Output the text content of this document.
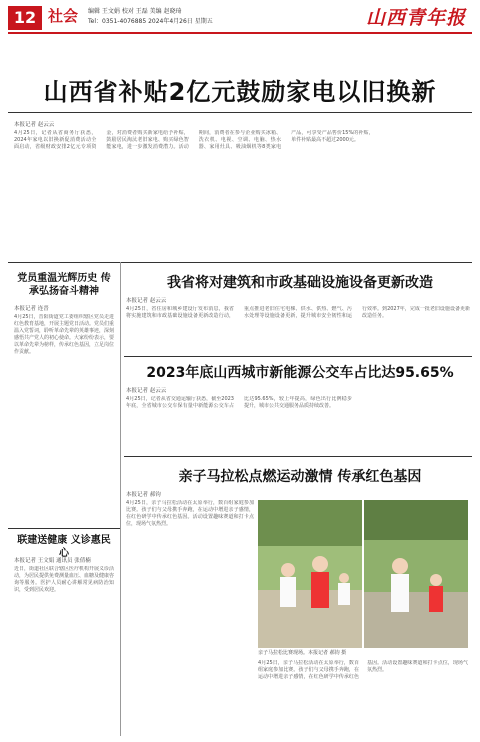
12 社会 编辑 王文娟 校对 王磊 美编 赵晓琦
Tel：0351-4076885 2024年4月26日 星期五	山西青年报
山西省补贴2亿元鼓励家电以旧换新
本报记者 赵云云
4月25日，记者从省商务厅获悉，2024年家电以旧换新促消费活动全面启动，省级财政安排2亿元专项资金，对消费者购买新家电给予补贴，鼓励居民淘汰老旧家电、购买绿色智能家电，进一步激发消费潜力。活动期间，消费者在参与企业购买冰箱、洗衣机、电视、空调、电脑、热水器、家用灶具、吸油烟机等8类家电产品，可享受产品售价15%的补贴，单件补贴最高不超过2000元。
党员重温光辉历史 传承弘扬奋斗精神
本报记者 连晋
4月25日，晋阳街道党工委组织辖区党员走进红色教育基地，开展主题党日活动。党员们重温入党誓词，聆听革命先辈的英雄事迹，深刻感悟共产党人的初心使命。大家纷纷表示，要以革命先辈为榜样，传承红色基因，立足岗位作贡献。
联建送健康 义诊惠民心
本报记者 王文娟 通讯员 张倩楠
近日，街道社区联合辖区医疗机构开展义诊活动，为居民提供免费测量血压、血糖及健康咨询等服务。医护人员耐心讲解常见病防治知识，受到居民欢迎。
我省将对建筑和市政基础设施设备更新改造
本报记者 赵云云
4月25日，省住房和城乡建设厅发布消息，我省将实施建筑和市政基础设施设备更新改造行动，重点推进老旧住宅电梯、供水、供热、燃气、污水处理等设施设备更新，提升城市安全韧性和运行效率。到2027年，完成一批老旧设施设备更新改造任务。
2023年底山西城市新能源公交车占比达95.65%
本报记者 赵云云
4月25日，记者从省交通运输厅获悉，截至2023年底，全省城市公交车保有量中新能源公交车占比达95.65%，较上年提高，绿色出行比例稳步提升，城市公共交通服务品质持续改善。
亲子马拉松点燃运动激情 传承红色基因
本报记者 郝钧
4月25日，亲子马拉松活动在太原举行，数百组家庭参加比赛。孩子们与父母携手奔跑，在运动中增进亲子感情，在红色研学中传承红色基因。活动设置趣味赛道和打卡点位，现场气氛热烈。
亲子马拉松比赛现场。本报记者 郝钧 摄
4月25日，亲子马拉松活动在太原举行，数百组家庭参加比赛。孩子们与父母携手奔跑，在运动中增进亲子感情，在红色研学中传承红色基因。活动设置趣味赛道和打卡点位，现场气氛热烈。
